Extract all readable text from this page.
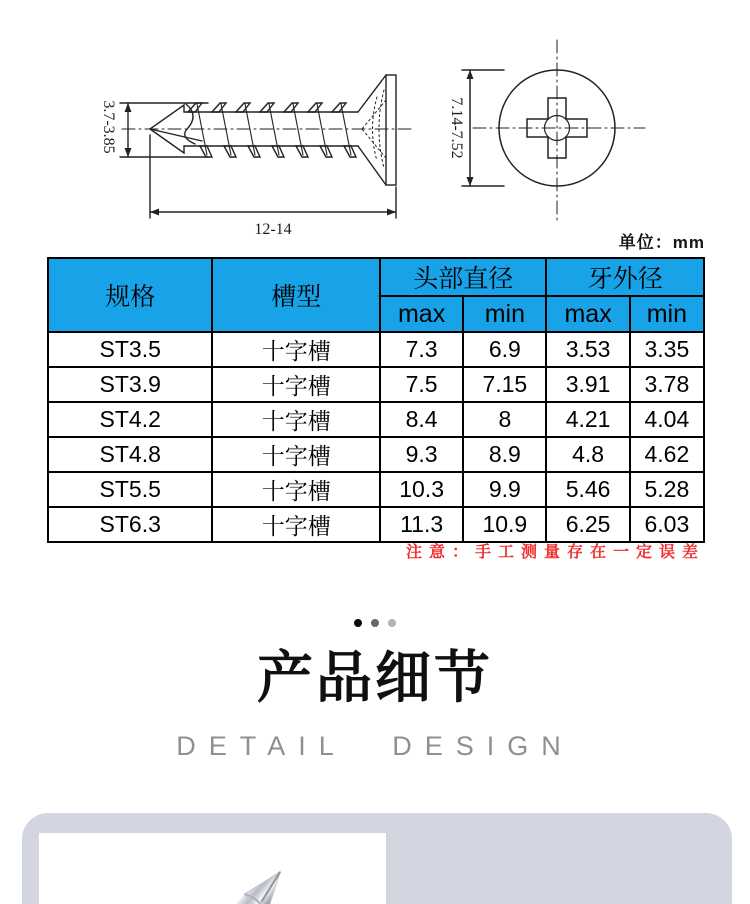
3.7-3.85
12-14
7.14-7.52
单位：mm
规格	槽型	头部直径		牙外径	
		max	min	max	min
ST3.5	十字槽	7.3	6.9	3.53	3.35
ST3.9	十字槽	7.5	7.15	3.91	3.78
ST4.2	十字槽	8.4	8	4.21	4.04
ST4.8	十字槽	9.3	8.9	4.8	4.62
ST5.5	十字槽	10.3	9.9	5.46	5.28
ST6.3	十字槽	11.3	10.9	6.25	6.03
注意：手工测量存在一定误差
产品细节
DETAIL DESIGN
